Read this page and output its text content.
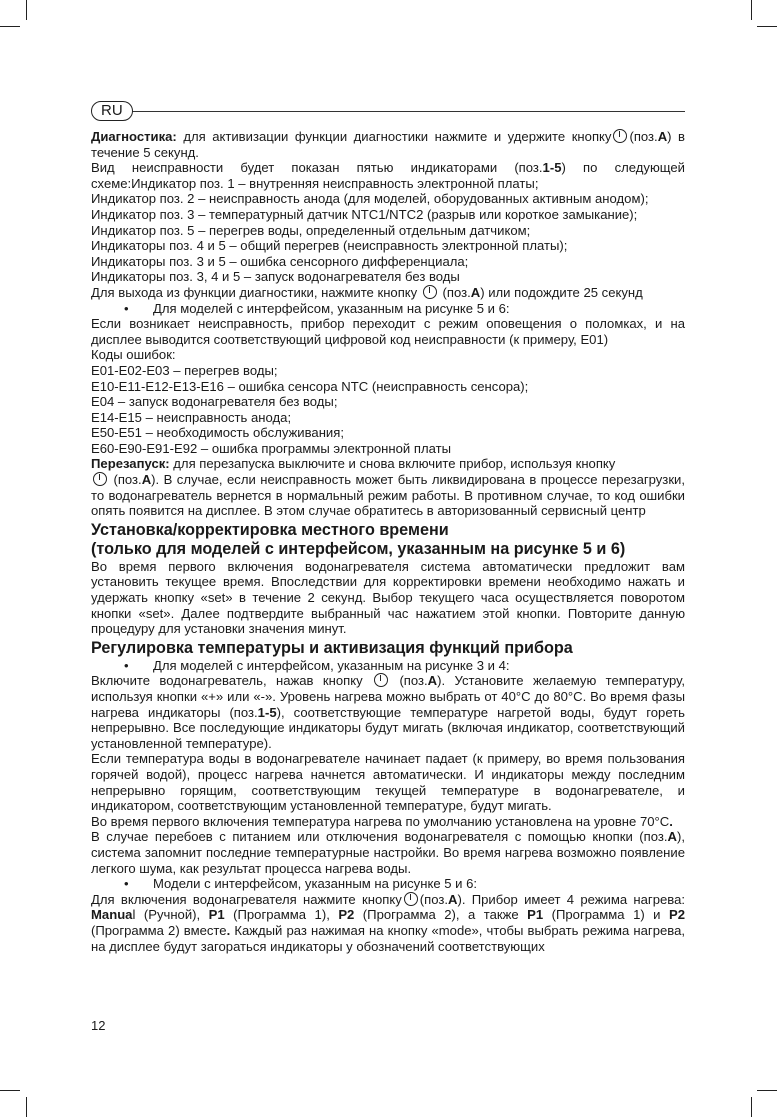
RU

Диагностика: для активизации функции диагностики нажмите и удержите кнопку (поз.A) в течение 5 секунд.

Вид неисправности будет показан пятью индикаторами (поз.1-5) по следующей схеме:Индикатор поз. 1 – внутренняя неисправность электронной платы;

Индикатор поз. 2 – неисправность анода (для моделей, оборудованных активным анодом);

Индикатор поз. 3 – температурный датчик NTC1/NTC2 (разрыв или короткое замыкание);

Индикатор поз. 5 – перегрев воды, определенный отдельным датчиком;

Индикаторы поз. 4 и 5 – общий перегрев (неисправность электронной платы);

Индикаторы поз. 3 и 5 – ошибка сенсорного дифференциала;

Индикаторы поз. 3, 4 и 5 – запуск водонагревателя без воды

Для выхода из функции диагностики, нажмите кнопку (поз.A) или подождите 25 секунд

• Для моделей с интерфейсом, указанным на рисунке 5 и 6:

Если возникает неисправность, прибор переходит с режим оповещения о поломках, и на дисплее выводится соответствующий цифровой код неисправности (к примеру, E01)

Коды ошибок:

E01-E02-E03 – перегрев воды;

E10-E11-E12-E13-E16 – ошибка сенсора NTC (неисправность сенсора);

E04 – запуск водонагревателя без воды;

E14-E15 – неисправность анода;

E50-E51 – необходимость обслуживания;

E60-E90-E91-E92 – ошибка программы электронной платы

Перезапуск: для перезапуска выключите и снова включите прибор, используя кнопку

(поз.A). В случае, если неисправность может быть ликвидирована в процессе перезагрузки, то водонагреватель вернется в нормальный режим работы. В противном случае, то код ошибки опять появится на дисплее. В этом случае обратитесь в авторизованный сервисный центр

Установка/корректировка местного времени
(только для моделей с интерфейсом, указанным на рисунке 5 и 6)

Во время первого включения водонагревателя система автоматически предложит вам установить текущее время. Впоследствии для корректировки времени необходимо нажать и удержать кнопку «set» в течение 2 секунд. Выбор текущего часа осуществляется поворотом кнопки «set». Далее подтвердите выбранный час нажатием этой кнопки. Повторите данную процедуру для установки значения минут.

Регулировка температуры и активизация функций прибора

• Для моделей с интерфейсом, указанным на рисунке 3 и 4:

Включите водонагреватель, нажав кнопку	(поз.A). Установите желаемую температуру, используя кнопки «+» или «-». Уровень нагрева можно выбрать от 40°C до 80°C. Во время фазы нагрева индикаторы (поз.1-5), соответствующие температуре нагретой воды, будут гореть непрерывно. Все последующие индикаторы будут мигать (включая индикатор, соответствующий установленной температуре).

Если температура воды в водонагревателе начинает падает (к примеру, во время пользования горячей водой), процесс нагрева начнется автоматически. И индикаторы между последним непрерывно горящим, соответствующим текущей температуре в водонагревателе, и индикатором, соответствующим установленной температуре, будут мигать.

Во время первого включения температура нагрева по умолчанию установлена на уровне 70°C.

В случае перебоев с питанием или отключения водонагревателя с помощью кнопки (поз.A), система запомнит последние температурные настройки. Во время нагрева возможно появление легкого шума, как результат процесса нагрева воды.

• Модели с интерфейсом, указанным на рисунке 5 и 6:

Для включения водонагревателя нажмите кнопку (поз.A). Прибор имеет 4 режима нагрева: Manual (Ручной), P1 (Программа 1), P2 (Программа 2), а также P1 (Программа 1) и P2 (Программа 2) вместе. Каждый раз нажимая на кнопку «mode», чтобы выбрать режима нагрева, на дисплее будут загораться индикаторы у обозначений соответствующих

12
